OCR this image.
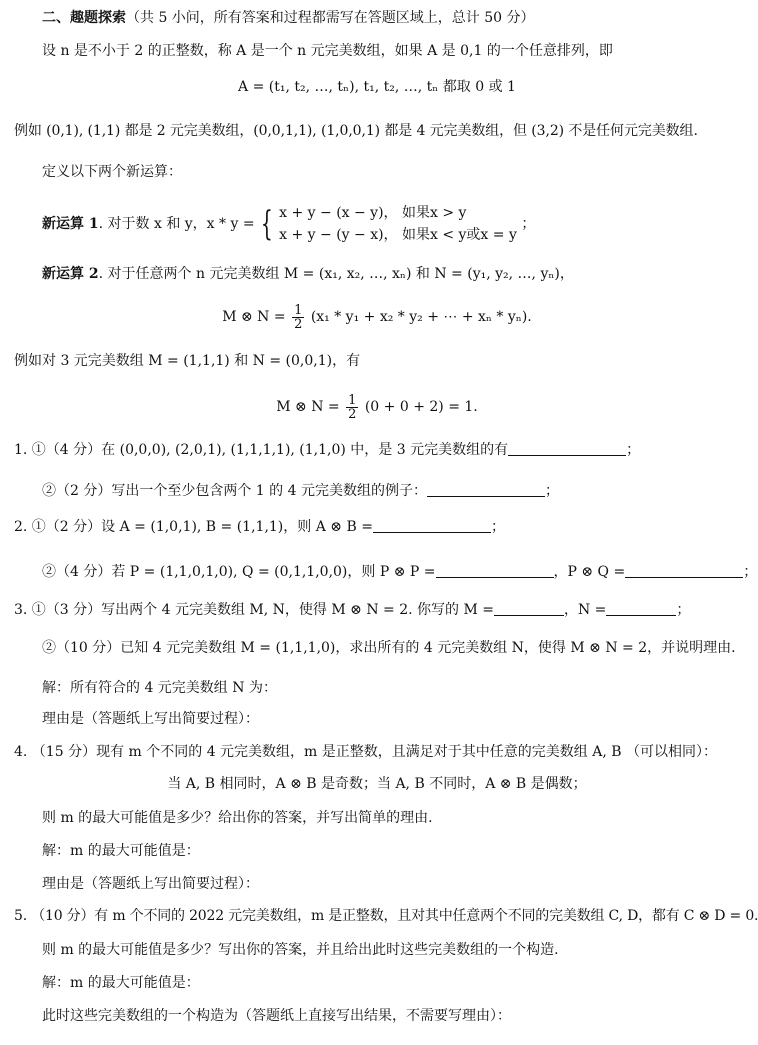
二、趣题探索（共 5 小问，所有答案和过程都需写在答题区域上，总计 50 分）
设 n 是不小于 2 的正整数，称 A 是一个 n 元完美数组，如果 A 是 0,1 的一个任意排列，即
A = (t₁, t₂, …, tₙ), t₁, t₂, …, tₙ 都取 0 或 1
例如 (0,1), (1,1) 都是 2 元完美数组，(0,0,1,1), (1,0,0,1) 都是 4 元完美数组，但 (3,2) 不是任何元完美数组.
定义以下两个新运算：
新运算 1. 对于数 x 和 y，x * y = { x + y − (x − y)， 如果x > y
x + y − (y − x)， 如果x < y或x = y
；
新运算 2. 对于任意两个 n 元完美数组 M = (x₁, x₂, …, xₙ) 和 N = (y₁, y₂, …, yₙ)，
M ⊗ $N = \frac{1}{2} (x_1 * y_1 + x_2 * y_2$ + ⋯ + xₙ * yₙ).
例如对 3 元完美数组 M = (1,1,1) 和 N = (0,0,1)，有
M ⊗ $N = \frac{1}{2} (0 + 0 + 2) = 1$.
1. ①（4 分）在 (0,0,0), (2,0,1), (1,1,1,1), (1,1,0) 中，是 3 元完美数组的有	；
②（2 分）写出一个至少包含两个 1 的 4 元完美数组的例子：	；
2. ①（2 分）设 A = (1,0,1), B = (1,1,1)，则 A ⊗ B =	；
②（4 分）若 P = (1,1,0,1,0), Q = (0,1,1,0,0)，则 P ⊗ P =	，P ⊗ Q =	；
3. ①（3 分）写出两个 4 元完美数组 M, N，使得 M ⊗ N = 2. 你写的 M =	，N =	；
②（10 分）已知 4 元完美数组 M = (1,1,1,0)，求出所有的 4 元完美数组 N，使得 M ⊗ N = 2，并说明理由.
解：所有符合的 4 元完美数组 N 为：
理由是（答题纸上写出简要过程）：
4. （15 分）现有 m 个不同的 4 元完美数组，m 是正整数，且满足对于其中任意的完美数组 A, B （可以相同）：
当 A, B 相同时，A ⊗ B 是奇数；当 A, B 不同时，A ⊗ B 是偶数；
则 m 的最大可能值是多少？给出你的答案，并写出简单的理由.
解：m 的最大可能值是：
理由是（答题纸上写出简要过程）：
5. （10 分）有 m 个不同的 2022 元完美数组，m 是正整数，且对其中任意两个不同的完美数组 C, D，都有 C ⊗ D = 0.
则 m 的最大可能值是多少？写出你的答案，并且给出此时这些完美数组的一个构造.
解：m 的最大可能值是：
此时这些完美数组的一个构造为（答题纸上直接写出结果，不需要写理由）：
